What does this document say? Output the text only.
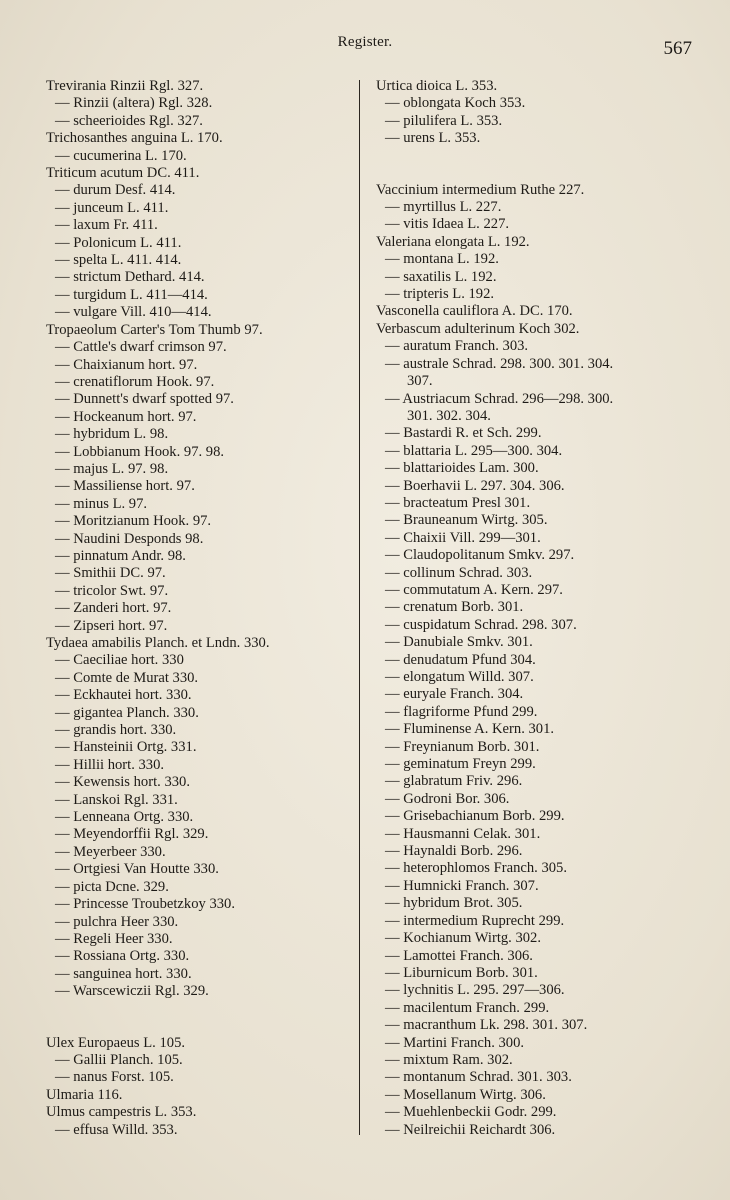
Register.	567
Trevirania Rinzii Rgl. 327.
— Rinzii (altera) Rgl. 328.
— scheerioides Rgl. 327.
Trichosanthes anguina L. 170.
— cucumerina L. 170.
Triticum acutum DC. 411.
— durum Desf. 414.
— junceum L. 411.
— laxum Fr. 411.
— Polonicum L. 411.
— spelta L. 411. 414.
— strictum Dethard. 414.
— turgidum L. 411—414.
— vulgare Vill. 410—414.
Tropaeolum Carter's Tom Thumb 97.
— Cattle's dwarf crimson 97.
— Chaixianum hort. 97.
— crenatiflorum Hook. 97.
— Dunnett's dwarf spotted 97.
— Hockeanum hort. 97.
— hybridum L. 98.
— Lobbianum Hook. 97. 98.
— majus L. 97. 98.
— Massiliense hort. 97.
— minus L. 97.
— Moritzianum Hook. 97.
— Naudini Desponds 98.
— pinnatum Andr. 98.
— Smithii DC. 97.
— tricolor Swt. 97.
— Zanderi hort. 97.
— Zipseri hort. 97.
Tydaea amabilis Planch. et Lndn. 330.
— Caeciliae hort. 330
— Comte de Murat 330.
— Eckhautei hort. 330.
— gigantea Planch. 330.
— grandis hort. 330.
— Hansteinii Ortg. 331.
— Hillii hort. 330.
— Kewensis hort. 330.
— Lanskoi Rgl. 331.
— Lenneana Ortg. 330.
— Meyendorffii Rgl. 329.
— Meyerbeer 330.
— Ortgiesi Van Houtte 330.
— picta Dcne. 329.
— Princesse Troubetzkoy 330.
— pulchra Heer 330.
— Regeli Heer 330.
— Rossiana Ortg. 330.
— sanguinea hort. 330.
— Warscewiczii Rgl. 329.
Ulex Europaeus L. 105.
— Gallii Planch. 105.
— nanus Forst. 105.
Ulmaria 116.
Ulmus campestris L. 353.
— effusa Willd. 353.
Urtica dioica L. 353.
— oblongata Koch 353.
— pilulifera L. 353.
— urens L. 353.
Vaccinium intermedium Ruthe 227.
— myrtillus L. 227.
— vitis Idaea L. 227.
Valeriana elongata L. 192.
— montana L. 192.
— saxatilis L. 192.
— tripteris L. 192.
Vasconella cauliflora A. DC. 170.
Verbascum adulterinum Koch 302.
— auratum Franch. 303.
— australe Schrad. 298. 300. 301. 304.
307.
— Austriacum Schrad. 296—298. 300.
301. 302. 304.
— Bastardi R. et Sch. 299.
— blattaria L. 295—300. 304.
— blattarioides Lam. 300.
— Boerhavii L. 297. 304. 306.
— bracteatum Presl 301.
— Brauneanum Wirtg. 305.
— Chaixii Vill. 299—301.
— Claudopolitanum Smkv. 297.
— collinum Schrad. 303.
— commutatum A. Kern. 297.
— crenatum Borb. 301.
— cuspidatum Schrad. 298. 307.
— Danubiale Smkv. 301.
— denudatum Pfund 304.
— elongatum Willd. 307.
— euryale Franch. 304.
— flagriforme Pfund 299.
— Fluminense A. Kern. 301.
— Freynianum Borb. 301.
— geminatum Freyn 299.
— glabratum Friv. 296.
— Godroni Bor. 306.
— Grisebachianum Borb. 299.
— Hausmanni Celak. 301.
— Haynaldi Borb. 296.
— heterophlomos Franch. 305.
— Humnicki Franch. 307.
— hybridum Brot. 305.
— intermedium Ruprecht 299.
— Kochianum Wirtg. 302.
— Lamottei Franch. 306.
— Liburnicum Borb. 301.
— lychnitis L. 295. 297—306.
— macilentum Franch. 299.
— macranthum Lk. 298. 301. 307.
— Martini Franch. 300.
— mixtum Ram. 302.
— montanum Schrad. 301. 303.
— Mosellanum Wirtg. 306.
— Muehlenbeckii Godr. 299.
— Neilreichii Reichardt 306.
